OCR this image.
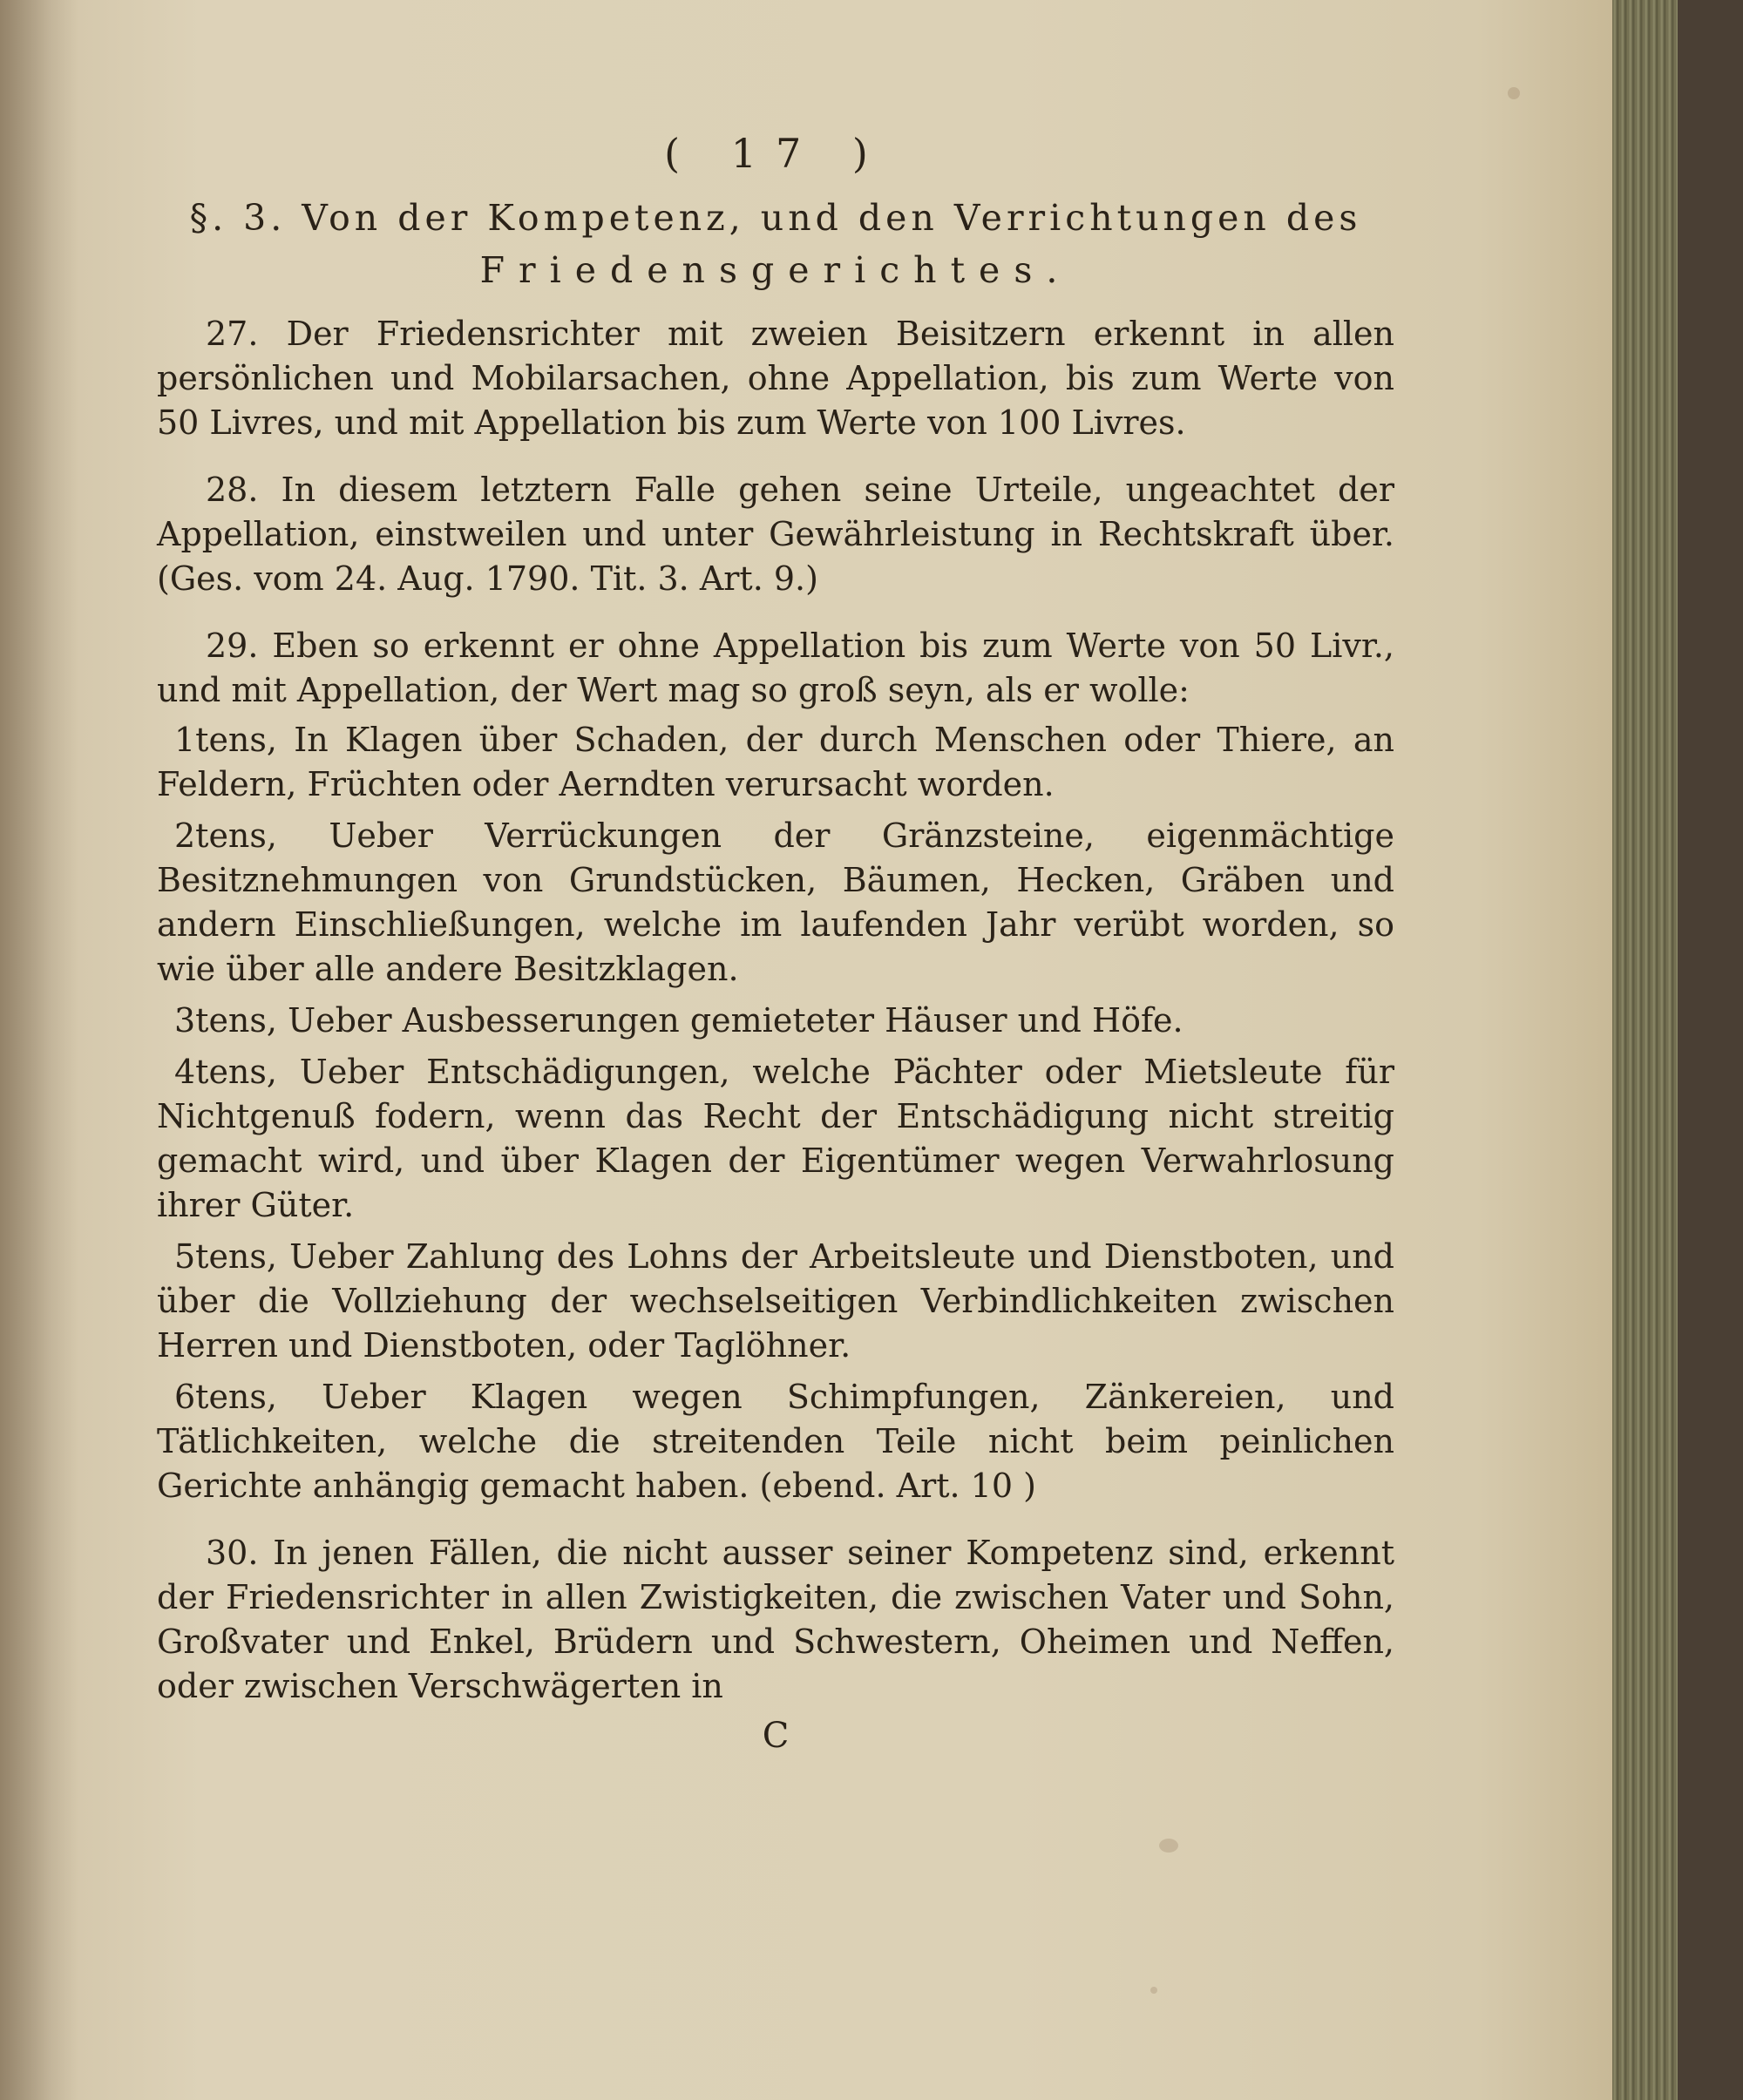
( 17 )
§. 3. Von der Kompetenz, und den Verrichtungen des
Friedensgerichtes.

27. Der Friedensrichter mit zweien Beisitzern erkennt in allen persönlichen und Mobilarsachen, ohne Appellation, bis zum Werte von 50 Livres, und mit Appellation bis zum Werte von 100 Livres.

28. In diesem letztern Falle gehen seine Urteile, ungeachtet der Appellation, einstweilen und unter Gewährleistung in Rechtskraft über. (Ges. vom 24. Aug. 1790. Tit. 3. Art. 9.)

29. Eben so erkennt er ohne Appellation bis zum Werte von 50 Livr., und mit Appellation, der Wert mag so groß seyn, als er wolle:

1tens, In Klagen über Schaden, der durch Menschen oder Thiere, an Feldern, Früchten oder Aerndten verursacht worden.

2tens, Ueber Verrückungen der Gränzsteine, eigenmächtige Besitznehmungen von Grundstücken, Bäumen, Hecken, Gräben und andern Einschließungen, welche im laufenden Jahr verübt worden, so wie über alle andere Besitzklagen.

3tens, Ueber Ausbesserungen gemieteter Häuser und Höfe.

4tens, Ueber Entschädigungen, welche Pächter oder Mietsleute für Nichtgenuß fodern, wenn das Recht der Entschädigung nicht streitig gemacht wird, und über Klagen der Eigentümer wegen Verwahrlosung ihrer Güter.

5tens, Ueber Zahlung des Lohns der Arbeitsleute und Dienstboten, und über die Vollziehung der wechselseitigen Verbindlichkeiten zwischen Herren und Dienstboten, oder Taglöhner.

6tens, Ueber Klagen wegen Schimpfungen, Zänkereien, und Tätlichkeiten, welche die streitenden Teile nicht beim peinlichen Gerichte anhängig gemacht haben. (ebend. Art. 10 )

30. In jenen Fällen, die nicht ausser seiner Kompetenz sind, erkennt der Friedensrichter in allen Zwistigkeiten, die zwischen Vater und Sohn, Großvater und Enkel, Brüdern und Schwestern, Oheimen und Neffen, oder zwischen Verschwägerten in

C
